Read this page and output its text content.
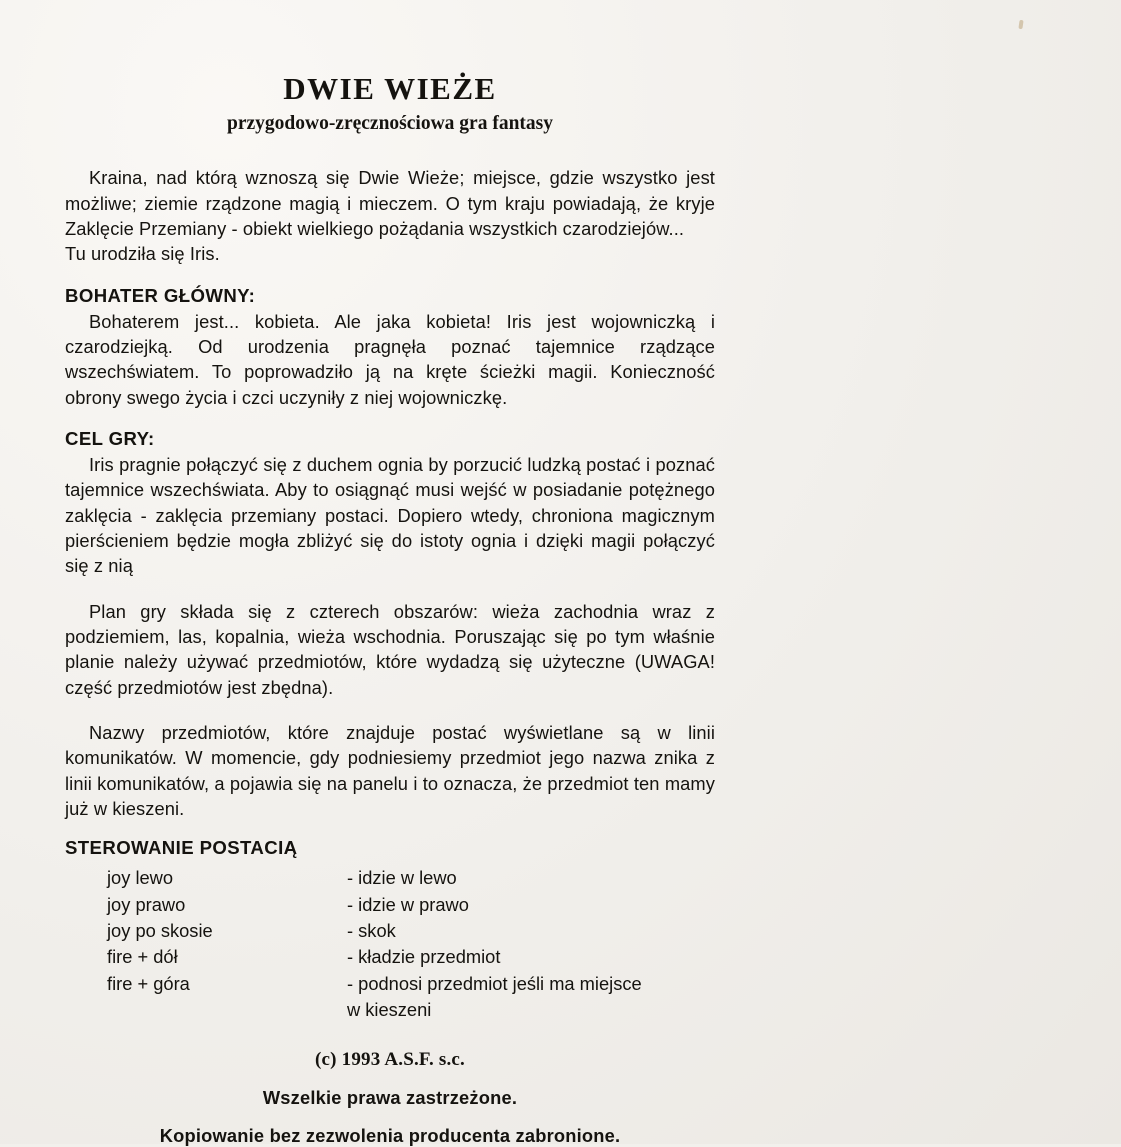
DWIE WIEŻE
przygodowo-zręcznościowa gra fantasy

Kraina, nad którą wznoszą się Dwie Wieże; miejsce, gdzie wszystko jest możliwe; ziemie rządzone magią i mieczem. O tym kraju powiadają, że kryje Zaklęcie Przemiany - obiekt wielkiego pożądania wszystkich czarodziejów...

Tu urodziła się Iris.

BOHATER GŁÓWNY:

Bohaterem jest... kobieta. Ale jaka kobieta! Iris jest wojowniczką i czarodziejką. Od urodzenia pragnęła poznać tajemnice rządzące wszechświatem. To poprowadziło ją na kręte ścieżki magii. Konieczność obrony swego życia i czci uczyniły z niej wojowniczkę.

CEL GRY:

Iris pragnie połączyć się z duchem ognia by porzucić ludzką postać i poznać tajemnice wszechświata. Aby to osiągnąć musi wejść w posiadanie potężnego zaklęcia - zaklęcia przemiany postaci. Dopiero wtedy, chroniona magicznym pierścieniem będzie mogła zbliżyć się do istoty ognia i dzięki magii połączyć się z nią

Plan gry składa się z czterech obszarów: wieża zachodnia wraz z podziemiem, las, kopalnia, wieża wschodnia. Poruszając się po tym właśnie planie należy używać przedmiotów, które wydadzą się użyteczne (UWAGA! część przedmiotów jest zbędna).

Nazwy przedmiotów, które znajduje postać wyświetlane są w linii komunikatów. W momencie, gdy podniesiemy przedmiot jego nazwa znika z linii komunikatów, a pojawia się na panelu i to oznacza, że przedmiot ten mamy już w kieszeni.

STEROWANIE POSTACIĄ
joy lewo	- idzie w lewo
joy prawo	- idzie w prawo
joy po skosie	- skok
fire + dół	- kładzie przedmiot
fire + góra	- podnosi przedmiot jeśli ma miejsce
	w kieszeni
(c) 1993 A.S.F. s.c.
Wszelkie prawa zastrzeżone.
Kopiowanie bez zezwolenia producenta zabronione.
